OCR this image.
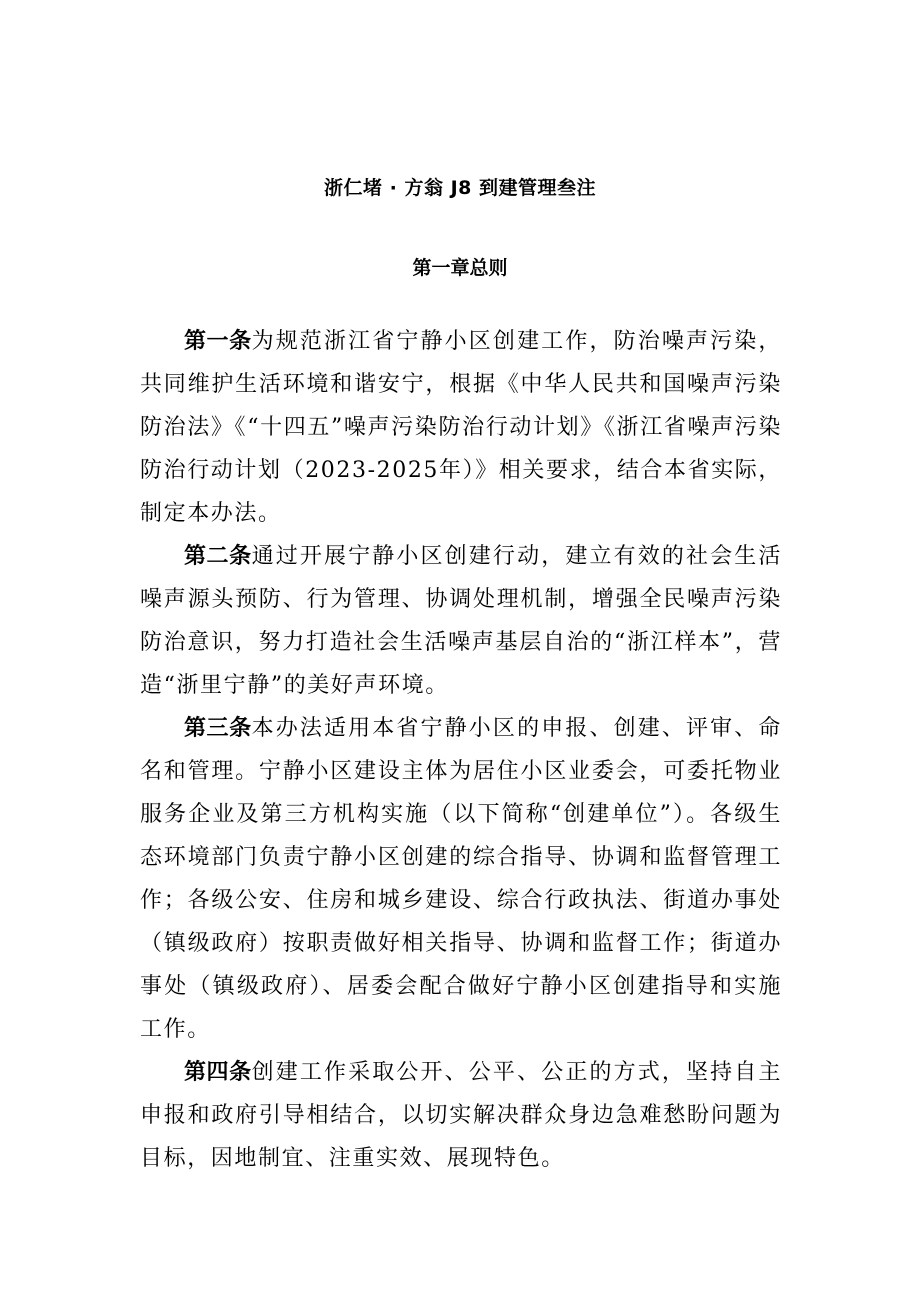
浙仁堵 · 方翁 J8 到建管理叁注
第一章总则

第一条为规范浙江省宁静小区创建工作，防治噪声污染，共同维护生活环境和谐安宁，根据《中华人民共和国噪声污染防治法》《“十四五”噪声污染防治行动计划》《浙江省噪声污染防治行动计划（2023-2025年）》相关要求，结合本省实际，制定本办法。

第二条通过开展宁静小区创建行动，建立有效的社会生活噪声源头预防、行为管理、协调处理机制，增强全民噪声污染防治意识，努力打造社会生活噪声基层自治的“浙江样本”，营造“浙里宁静”的美好声环境。

第三条本办法适用本省宁静小区的申报、创建、评审、命名和管理。宁静小区建设主体为居住小区业委会，可委托物业服务企业及第三方机构实施（以下简称“创建单位”）。各级生态环境部门负责宁静小区创建的综合指导、协调和监督管理工作；各级公安、住房和城乡建设、综合行政执法、街道办事处（镇级政府）按职责做好相关指导、协调和监督工作；街道办事处（镇级政府）、居委会配合做好宁静小区创建指导和实施工作。

第四条创建工作采取公开、公平、公正的方式，坚持自主申报和政府引导相结合，以切实解决群众身边急难愁盼问题为目标，因地制宜、注重实效、展现特色。
